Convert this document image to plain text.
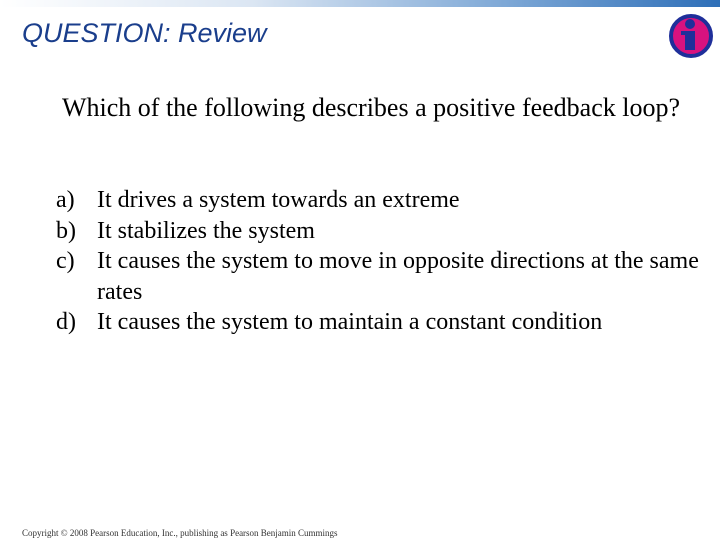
QUESTION: Review
Which of the following describes a positive feedback loop?
a) It drives a system towards an extreme
b) It stabilizes the system
c) It causes the system to move in opposite directions at the same rates
d) It causes the system to maintain a constant condition
Copyright © 2008 Pearson Education, Inc., publishing as Pearson Benjamin Cummings
